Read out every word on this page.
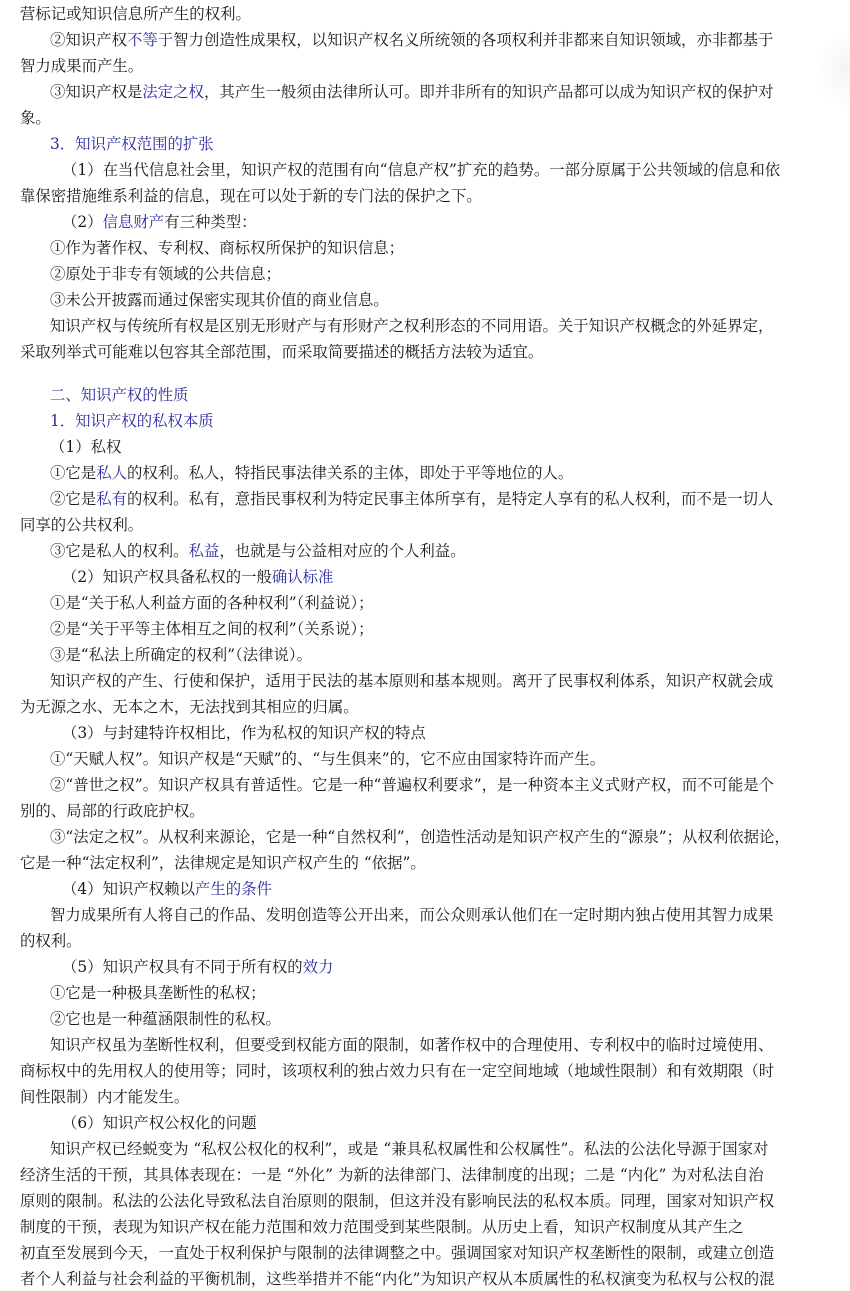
营标记或知识信息所产生的权利。
②知识产权不等于智力创造性成果权，以知识产权名义所统领的各项权利并非都来自知识领域，亦非都基于
智力成果而产生。
③知识产权是法定之权，其产生一般须由法律所认可。即并非所有的知识产品都可以成为知识产权的保护对
象。
3．知识产权范围的扩张
（1）在当代信息社会里，知识产权的范围有向“信息产权”扩充的趋势。一部分原属于公共领域的信息和依
靠保密措施维系利益的信息，现在可以处于新的专门法的保护之下。
（2）信息财产有三种类型：
①作为著作权、专利权、商标权所保护的知识信息；
②原处于非专有领域的公共信息；
③未公开披露而通过保密实现其价值的商业信息。
知识产权与传统所有权是区别无形财产与有形财产之权利形态的不同用语。关于知识产权概念的外延界定，
采取列举式可能难以包容其全部范围，而采取简要描述的概括方法较为适宜。
二、知识产权的性质
1．知识产权的私权本质
（1）私权
①它是私人的权利。私人，特指民事法律关系的主体，即处于平等地位的人。
②它是私有的权利。私有，意指民事权利为特定民事主体所享有，是特定人享有的私人权利，而不是一切人
同享的公共权利。
③它是私人的权利。私益，也就是与公益相对应的个人利益。
（2）知识产权具备私权的一般确认标准
①是“关于私人利益方面的各种权利”（利益说）；
②是“关于平等主体相互之间的权利”（关系说）；
③是“私法上所确定的权利”（法律说）。
知识产权的产生、行使和保护，适用于民法的基本原则和基本规则。离开了民事权利体系，知识产权就会成
为无源之水、无本之木，无法找到其相应的归属。
（3）与封建特许权相比，作为私权的知识产权的特点
①“天赋人权”。知识产权是“天赋”的、“与生俱来”的，它不应由国家特许而产生。
②“普世之权”。知识产权具有普适性。它是一种“普遍权利要求”，是一种资本主义式财产权，而不可能是个
别的、局部的行政庇护权。
③“法定之权”。从权利来源论，它是一种“自然权利”，创造性活动是知识产权产生的“源泉”；从权利依据论，
它是一种“法定权利”，法律规定是知识产权产生的 “依据”。
（4）知识产权赖以产生的条件
智力成果所有人将自己的作品、发明创造等公开出来，而公众则承认他们在一定时期内独占使用其智力成果
的权利。
（5）知识产权具有不同于所有权的效力
①它是一种极具垄断性的私权；
②它也是一种蕴涵限制性的私权。
知识产权虽为垄断性权利，但要受到权能方面的限制，如著作权中的合理使用、专利权中的临时过境使用、
商标权中的先用权人的使用等；同时，该项权利的独占效力只有在一定空间地域（地域性限制）和有效期限（时
间性限制）内才能发生。
（6）知识产权公权化的问题
知识产权已经蜕变为 “私权公权化的权利”，或是 “兼具私权属性和公权属性”。私法的公法化导源于国家对
经济生活的干预，其具体表现在：一是 “外化” 为新的法律部门、法律制度的出现；二是 “内化” 为对私法自治
原则的限制。私法的公法化导致私法自治原则的限制，但这并没有影响民法的私权本质。同理，国家对知识产权
制度的干预，表现为知识产权在能力范围和效力范围受到某些限制。从历史上看，知识产权制度从其产生之
初直至发展到今天，一直处于权利保护与限制的法律调整之中。强调国家对知识产权垄断性的限制，或建立创造
者个人利益与社会利益的平衡机制，这些举措并不能“内化”为知识产权从本质属性的私权演变为私权与公权的混
